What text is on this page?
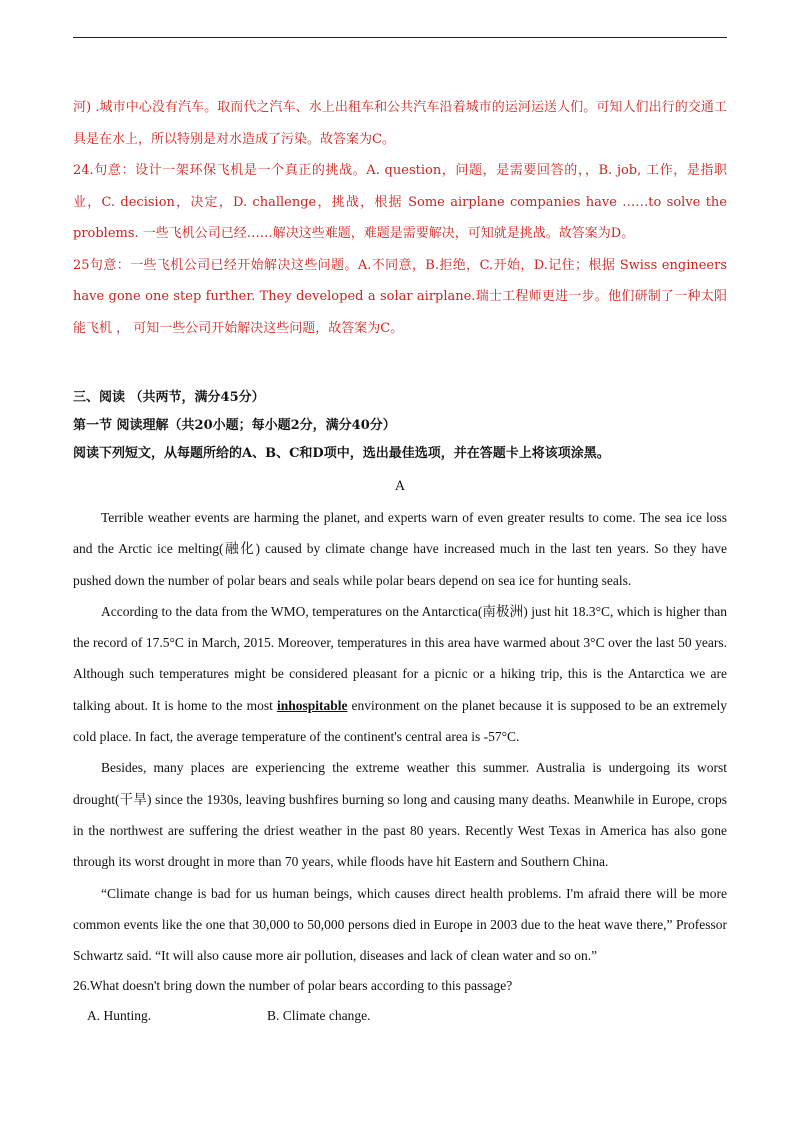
河) .城市中心没有汽车。取而代之汽车、水上出租车和公共汽车沿着城市的运河运送人们。可知人们出行的交通工具是在水上，所以特别是对水造成了污染。故答案为C。

24.句意：设计一架环保飞机是一个真正的挑战。A. question，问题，是需要回答的，，B. job, 工作，是指职业，C. decision，决定，D. challenge，挑战，根据 Some airplane companies have ……to solve the problems. 一些飞机公司已经……解决这些难题，难题是需要解决，可知就是挑战。故答案为D。

25句意：一些飞机公司已经开始解决这些问题。A.不同意，B.拒绝，C.开始，D.记住；根据 Swiss engineers have gone one step further. They developed a solar airplane.瑞士工程师更进一步。他们研制了一种太阳能飞机 ， 可知一些公司开始解决这些问题，故答案为C。

三、阅读 （共两节，满分45分）

第一节 阅读理解（共20小题；每小题2分，满分40分）

阅读下列短文，从每题所给的A、B、C和D项中，选出最佳选项，并在答题卡上将该项涂黑。

A

Terrible weather events are harming the planet, and experts warn of even greater results to come. The sea ice loss and the Arctic ice melting(融化) caused by climate change have increased much in the last ten years. So they have pushed down the number of polar bears and seals while polar bears depend on sea ice for hunting seals.

According to the data from the WMO, temperatures on the Antarctica(南极洲) just hit 18.3°C, which is higher than the record of 17.5°C in March, 2015. Moreover, temperatures in this area have warmed about 3°C over the last 50 years. Although such temperatures might be considered pleasant for a picnic or a hiking trip, this is the Antarctica we are talking about. It is home to the most inhospitable environment on the planet because it is supposed to be an extremely cold place. In fact, the average temperature of the continent's central area is -57°C.

Besides, many places are experiencing the extreme weather this summer. Australia is undergoing its worst drought(干旱) since the 1930s, leaving bushfires burning so long and causing many deaths. Meanwhile in Europe, crops in the northwest are suffering the driest weather in the past 80 years. Recently West Texas in America has also gone through its worst drought in more than 70 years, while floods have hit Eastern and Southern China.

“Climate change is bad for us human beings, which causes direct health problems. I'm afraid there will be more common events like the one that 30,000 to 50,000 persons died in Europe in 2003 due to the heat wave there,” Professor Schwartz said. “It will also cause more air pollution, diseases and lack of clean water and so on.”

26.What doesn't bring down the number of polar bears according to this passage?

A. Hunting.	B. Climate change.
